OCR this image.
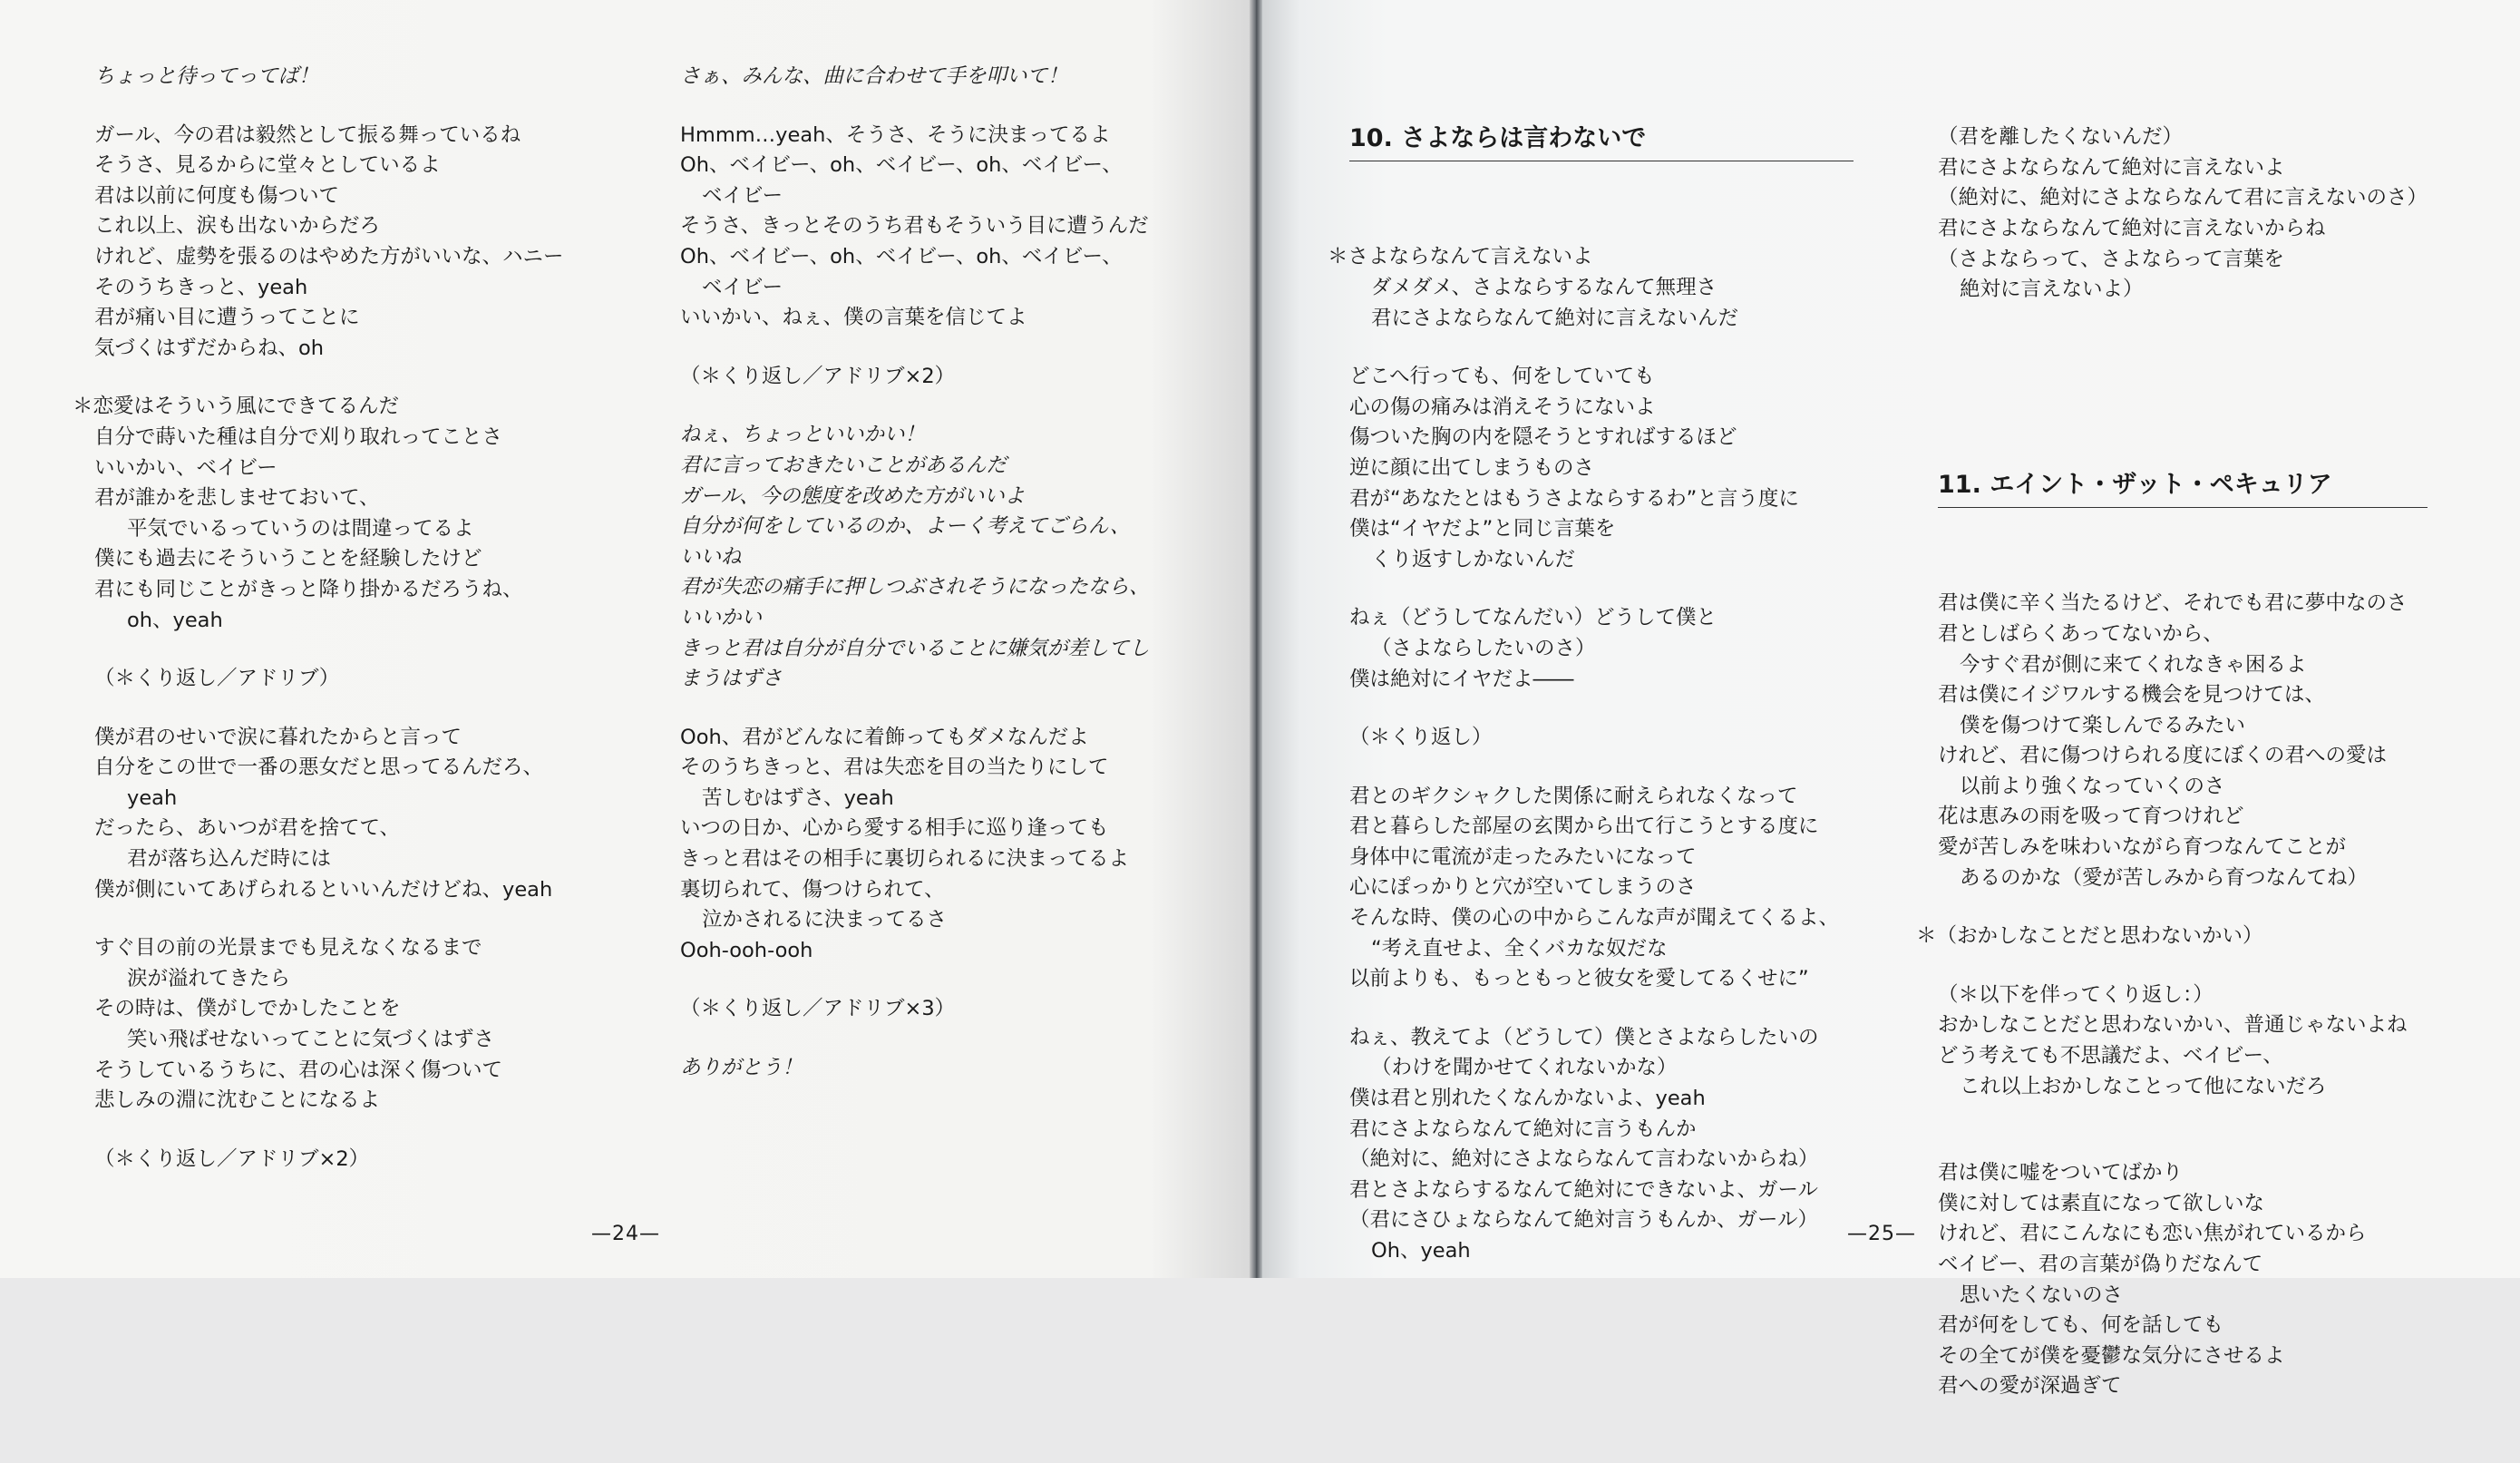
ちょっと待ってってば！
ガール、今の君は毅然として振る舞っているね
そうさ、見るからに堂々としているよ
君は以前に何度も傷ついて
これ以上、涙も出ないからだろ
けれど、虚勢を張るのはやめた方がいいな、ハニー
そのうちきっと、yeah
君が痛い目に遭うってことに
気づくはずだからね、oh
＊恋愛はそういう風にできてるんだ
自分で蒔いた種は自分で刈り取れってことさ
いいかい、ベイビー
君が誰かを悲しませておいて、
平気でいるっていうのは間違ってるよ
僕にも過去にそういうことを経験したけど
君にも同じことがきっと降り掛かるだろうね、
oh、yeah
（＊くり返し／アドリブ）
僕が君のせいで涙に暮れたからと言って
自分をこの世で一番の悪女だと思ってるんだろ、
yeah
だったら、あいつが君を捨てて、
君が落ち込んだ時には
僕が側にいてあげられるといいんだけどね、yeah
すぐ目の前の光景までも見えなくなるまで
涙が溢れてきたら
その時は、僕がしでかしたことを
笑い飛ばせないってことに気づくはずさ
そうしているうちに、君の心は深く傷ついて
悲しみの淵に沈むことになるよ
（＊くり返し／アドリブ×2）
さぁ、みんな、曲に合わせて手を叩いて！
Hmmm…yeah、そうさ、そうに決まってるよ
Oh、ベイビー、oh、ベイビー、oh、ベイビー、
ベイビー
そうさ、きっとそのうち君もそういう目に遭うんだ
Oh、ベイビー、oh、ベイビー、oh、ベイビー、
ベイビー
いいかい、ねぇ、僕の言葉を信じてよ
（＊くり返し／アドリブ×2）
ねぇ、ちょっといいかい！
君に言っておきたいことがあるんだ
ガール、今の態度を改めた方がいいよ
自分が何をしているのか、よーく考えてごらん、
いいね
君が失恋の痛手に押しつぶされそうになったなら、
いいかい
きっと君は自分が自分でいることに嫌気が差してし
まうはずさ
Ooh、君がどんなに着飾ってもダメなんだよ
そのうちきっと、君は失恋を目の当たりにして
苦しむはずさ、yeah
いつの日か、心から愛する相手に巡り逢っても
きっと君はその相手に裏切られるに決まってるよ
裏切られて、傷つけられて、
泣かされるに決まってるさ
Ooh-ooh-ooh
（＊くり返し／アドリブ×3）
ありがとう！
—24—

10. さよならは言わないで

＊さよならなんて言えないよ
ダメダメ、さよならするなんて無理さ
君にさよならなんて絶対に言えないんだ
どこへ行っても、何をしていても
心の傷の痛みは消えそうにないよ
傷ついた胸の内を隠そうとすればするほど
逆に顔に出てしまうものさ
君が“あなたとはもうさよならするわ”と言う度に
僕は“イヤだよ”と同じ言葉を
くり返すしかないんだ
ねぇ（どうしてなんだい）どうして僕と
（さよならしたいのさ）
僕は絶対にイヤだよ――
（＊くり返し）
君とのギクシャクした関係に耐えられなくなって
君と暮らした部屋の玄関から出て行こうとする度に
身体中に電流が走ったみたいになって
心にぽっかりと穴が空いてしまうのさ
そんな時、僕の心の中からこんな声が聞えてくるよ、
“考え直せよ、全くバカな奴だな
以前よりも、もっともっと彼女を愛してるくせに”
ねぇ、教えてよ（どうして）僕とさよならしたいの
（わけを聞かせてくれないかな）
僕は君と別れたくなんかないよ、yeah
君にさよならなんて絶対に言うもんか
（絶対に、絶対にさよならなんて言わないからね）
君とさよならするなんて絶対にできないよ、ガール
（君にさひょならなんて絶対言うもんか、ガール）
Oh、yeah

（君を離したくないんだ）
君にさよならなんて絶対に言えないよ
（絶対に、絶対にさよならなんて君に言えないのさ）
君にさよならなんて絶対に言えないからね
（さよならって、さよならって言葉を
絶対に言えないよ）

11. エイント・ザット・ペキュリア

君は僕に辛く当たるけど、それでも君に夢中なのさ
君としばらくあってないから、
今すぐ君が側に来てくれなきゃ困るよ
君は僕にイジワルする機会を見つけては、
僕を傷つけて楽しんでるみたい
けれど、君に傷つけられる度にぼくの君への愛は
以前より強くなっていくのさ
花は恵みの雨を吸って育つけれど
愛が苦しみを味わいながら育つなんてことが
あるのかな（愛が苦しみから育つなんてね）
＊（おかしなことだと思わないかい）
（＊以下を伴ってくり返し：）
おかしなことだと思わないかい、普通じゃないよね
どう考えても不思議だよ、ベイビー、
これ以上おかしなことって他にないだろ
君は僕に嘘をついてばかり
僕に対しては素直になって欲しいな
けれど、君にこんなにも恋い焦がれているから
ベイビー、君の言葉が偽りだなんて
思いたくないのさ
君が何をしても、何を話しても
その全てが僕を憂鬱な気分にさせるよ
君への愛が深過ぎて

—25—
